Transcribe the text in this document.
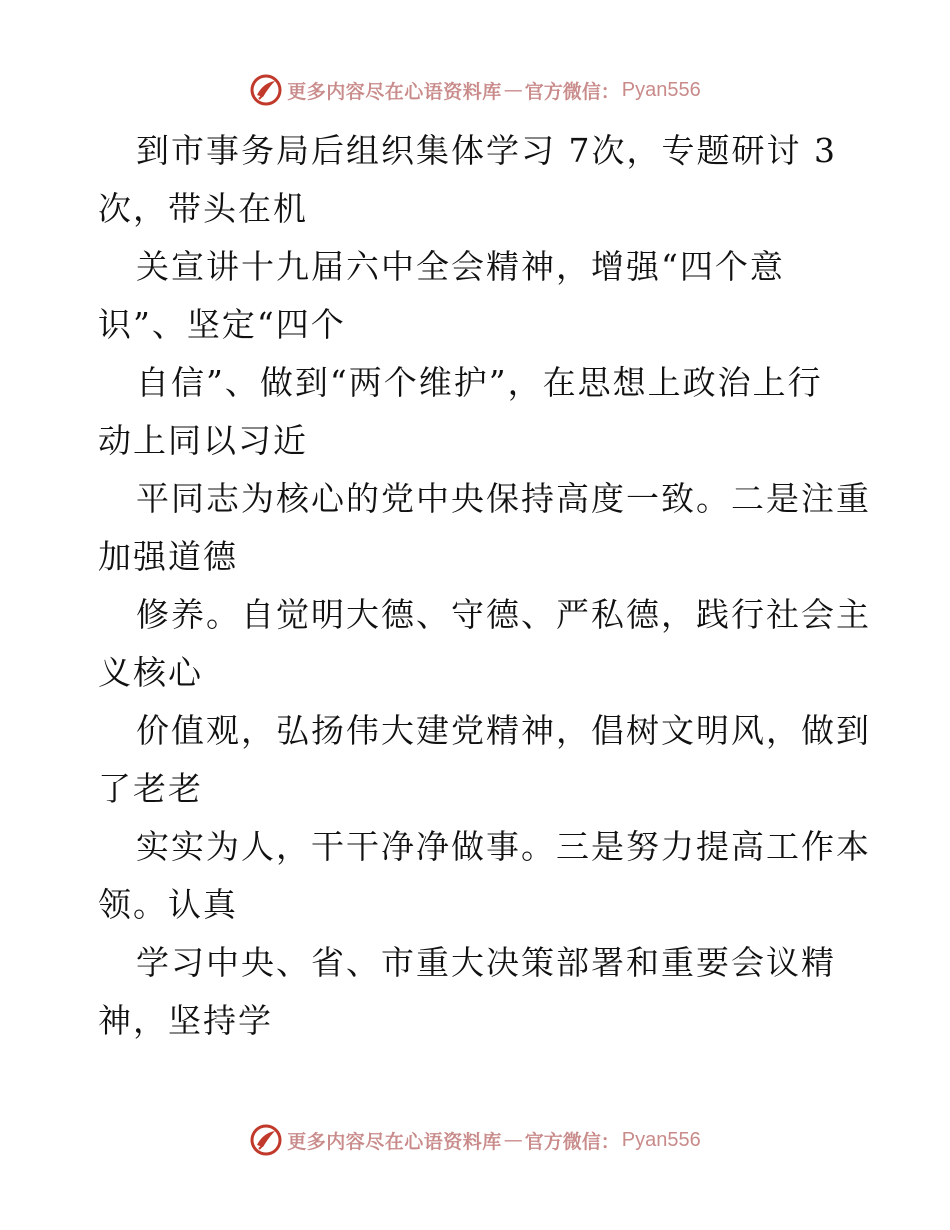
更多内容尽在心语资料库 — 官方微信： Pyan556
到市事务局后组织集体学习 7次，专题研讨 3
次，带头在机
关宣讲十九届六中全会精神，增强“四个意
识”、坚定“四个
自信”、做到“两个维护”，在思想上政治上行
动上同以习近
平同志为核心的党中央保持高度一致。二是注重
加强道德
修养。自觉明大德、守德、严私德，践行社会主
义核心
价值观，弘扬伟大建党精神，倡树文明风，做到
了老老
实实为人，干干净净做事。三是努力提高工作本
领。认真
学习中央、省、市重大决策部署和重要会议精
神，坚持学
更多内容尽在心语资料库 — 官方微信： Pyan556
